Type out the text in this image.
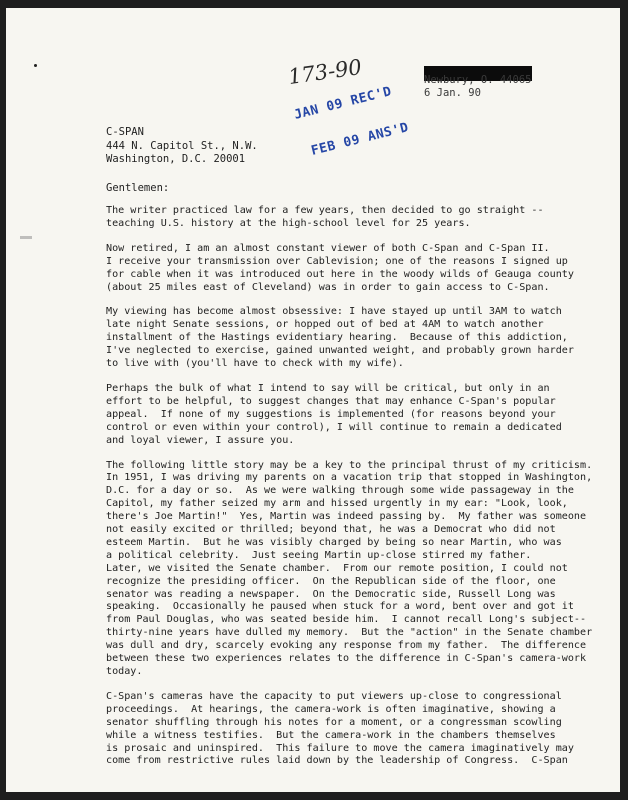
173-90	Newbury, O. 44065
6 Jan. 90
JAN 09 REC'D
FEB 09 ANS'D
C-SPAN
444 N. Capitol St., N.W.
Washington, D.C. 20001
Gentlemen:
The writer practiced law for a few years, then decided to go straight --
teaching U.S. history at the high-school level for 25 years.
Now retired, I am an almost constant viewer of both C-Span and C-Span II.
I receive your transmission over Cablevision; one of the reasons I signed up
for cable when it was introduced out here in the woody wilds of Geauga county
(about 25 miles east of Cleveland) was in order to gain access to C-Span.
My viewing has become almost obsessive: I have stayed up until 3AM to watch
late night Senate sessions, or hopped out of bed at 4AM to watch another
installment of the Hastings evidentiary hearing.  Because of this addiction,
I've neglected to exercise, gained unwanted weight, and probably grown harder
to live with (you'll have to check with my wife).
Perhaps the bulk of what I intend to say will be critical, but only in an
effort to be helpful, to suggest changes that may enhance C-Span's popular
appeal.  If none of my suggestions is implemented (for reasons beyond your
control or even within your control), I will continue to remain a dedicated
and loyal viewer, I assure you.
The following little story may be a key to the principal thrust of my criticism.
In 1951, I was driving my parents on a vacation trip that stopped in Washington,
D.C. for a day or so.  As we were walking through some wide passageway in the
Capitol, my father seized my arm and hissed urgently in my ear: "Look, look,
there's Joe Martin!"  Yes, Martin was indeed passing by.  My father was someone
not easily excited or thrilled; beyond that, he was a Democrat who did not
esteem Martin.  But he was visibly charged by being so near Martin, who was
a political celebrity.  Just seeing Martin up-close stirred my father.
Later, we visited the Senate chamber.  From our remote position, I could not
recognize the presiding officer.  On the Republican side of the floor, one
senator was reading a newspaper.  On the Democratic side, Russell Long was
speaking.  Occasionally he paused when stuck for a word, bent over and got it
from Paul Douglas, who was seated beside him.  I cannot recall Long's subject--
thirty-nine years have dulled my memory.  But the "action" in the Senate chamber
was dull and dry, scarcely evoking any response from my father.  The difference
between these two experiences relates to the difference in C-Span's camera-work
today.
C-Span's cameras have the capacity to put viewers up-close to congressional
proceedings.  At hearings, the camera-work is often imaginative, showing a
senator shuffling through his notes for a moment, or a congressman scowling
while a witness testifies.  But the camera-work in the chambers themselves
is prosaic and uninspired.  This failure to move the camera imaginatively may
come from restrictive rules laid down by the leadership of Congress.  C-Span
